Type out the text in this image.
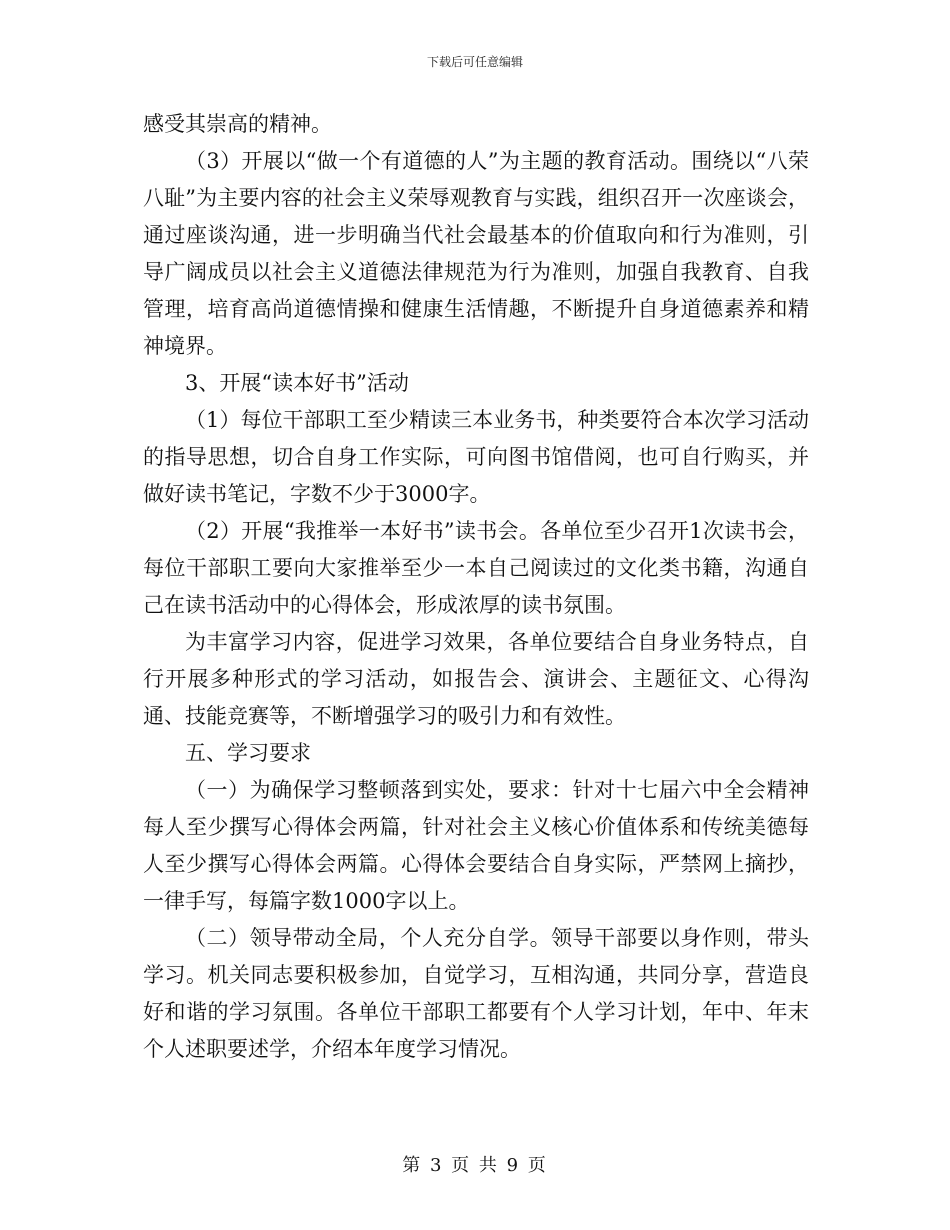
下载后可任意编辑

感受其崇高的精神。

（3）开展以“做一个有道德的人”为主题的教育活动。围绕以“八荣八耻”为主要内容的社会主义荣辱观教育与实践，组织召开一次座谈会，通过座谈沟通，进一步明确当代社会最基本的价值取向和行为准则，引导广阔成员以社会主义道德法律规范为行为准则，加强自我教育、自我管理，培育高尚道德情操和健康生活情趣，不断提升自身道德素养和精神境界。

3、开展“读本好书”活动

（1）每位干部职工至少精读三本业务书，种类要符合本次学习活动的指导思想，切合自身工作实际，可向图书馆借阅，也可自行购买，并做好读书笔记，字数不少于3000字。

（2）开展“我推举一本好书”读书会。各单位至少召开1次读书会，每位干部职工要向大家推举至少一本自己阅读过的文化类书籍，沟通自己在读书活动中的心得体会，形成浓厚的读书氛围。

为丰富学习内容，促进学习效果，各单位要结合自身业务特点，自行开展多种形式的学习活动，如报告会、演讲会、主题征文、心得沟通、技能竞赛等，不断增强学习的吸引力和有效性。

五、学习要求

（一）为确保学习整顿落到实处，要求：针对十七届六中全会精神每人至少撰写心得体会两篇，针对社会主义核心价值体系和传统美德每人至少撰写心得体会两篇。心得体会要结合自身实际，严禁网上摘抄，一律手写，每篇字数1000字以上。

（二）领导带动全局，个人充分自学。领导干部要以身作则，带头学习。机关同志要积极参加，自觉学习，互相沟通，共同分享，营造良好和谐的学习氛围。各单位干部职工都要有个人学习计划，年中、年末个人述职要述学，介绍本年度学习情况。

第 3 页 共 9 页
